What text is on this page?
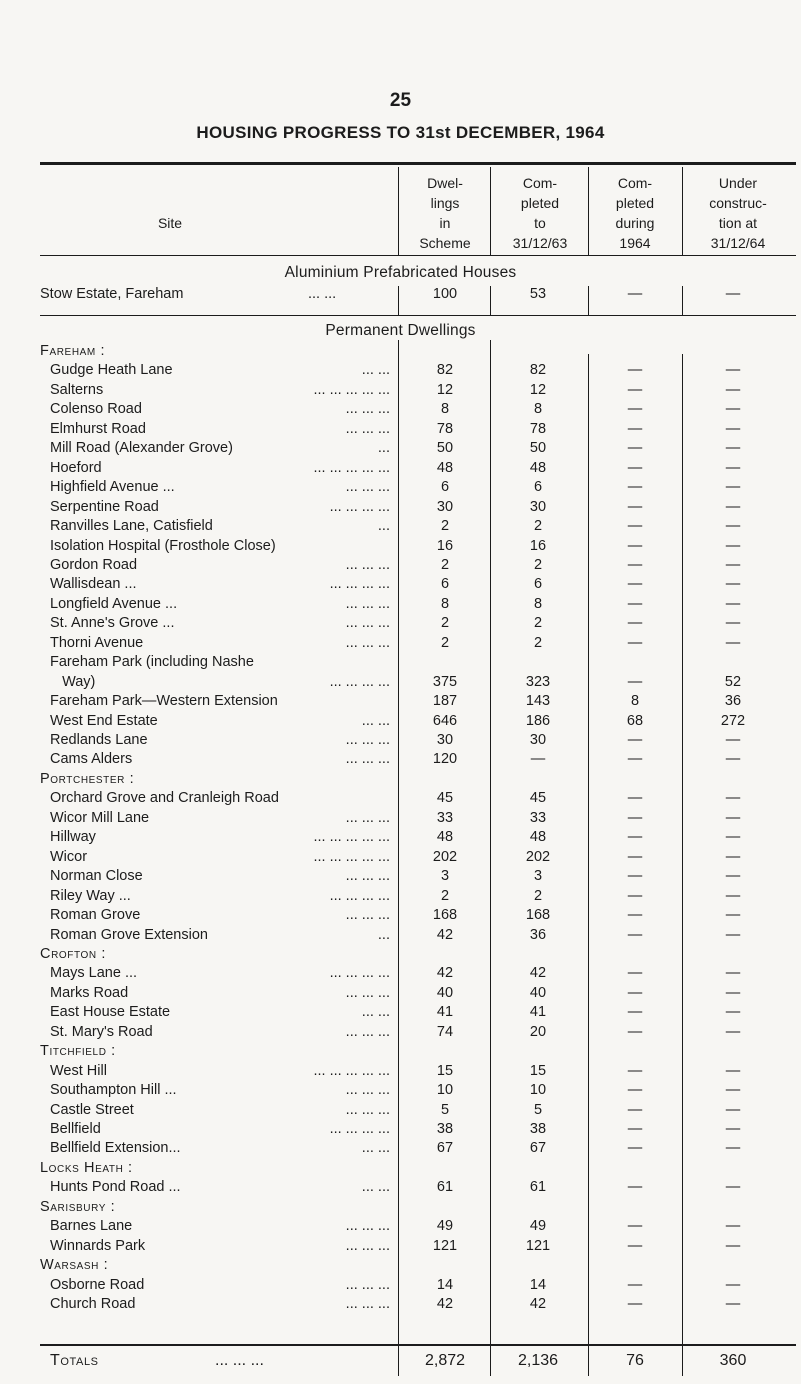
25
HOUSING PROGRESS TO 31st DECEMBER, 1964
Site
Dwel-
lings
in
Scheme
Com-
pleted
to
31/12/63
Com-
pleted
during
1964
Under
construc-
tion at
31/12/64
Aluminium Prefabricated Houses
Stow Estate, Fareham	... ...	100	53	—	—
Permanent Dwellings
Fareham :
Gudge Heath Lane	... ...	82	82	—	—
Salterns	... ... ... ... ...	12	12	—	—
Colenso Road	... ... ...	8	8	—	—
Elmhurst Road	... ... ...	78	78	—	—
Mill Road (Alexander Grove)	...	50	50	—	—
Hoeford	... ... ... ... ...	48	48	—	—
Highfield Avenue ...	... ... ...	6	6	—	—
Serpentine Road	... ... ... ...	30	30	—	—
Ranvilles Lane, Catisfield	...	2	2	—	—
Isolation Hospital (Frosthole Close)	16	16	—	—
Gordon Road	... ... ...	2	2	—	—
Wallisdean ...	... ... ... ...	6	6	—	—
Longfield Avenue ...	... ... ...	8	8	—	—
St. Anne's Grove ...	... ... ...	2	2	—	—
Thorni Avenue	... ... ...	2	2	—	—
Fareham Park (including Nashe
Way)	... ... ... ...	375	323	—	52
Fareham Park—Western Extension	187	143	8	36
West End Estate	... ...	646	186	68	272
Redlands Lane	... ... ...	30	30	—	—
Cams Alders	... ... ...	120	—	—	—
Portchester :
Orchard Grove and Cranleigh Road	45	45	—	—
Wicor Mill Lane	... ... ...	33	33	—	—
Hillway	... ... ... ... ...	48	48	—	—
Wicor	... ... ... ... ...	202	202	—	—
Norman Close	... ... ...	3	3	—	—
Riley Way ...	... ... ... ...	2	2	—	—
Roman Grove	... ... ...	168	168	—	—
Roman Grove Extension	...	42	36	—	—
Crofton :
Mays Lane ...	... ... ... ...	42	42	—	—
Marks Road	... ... ...	40	40	—	—
East House Estate	... ...	41	41	—	—
St. Mary's Road	... ... ...	74	20	—	—
Titchfield :
West Hill	... ... ... ... ...	15	15	—	—
Southampton Hill ...	... ... ...	10	10	—	—
Castle Street	... ... ...	5	5	—	—
Bellfield	... ... ... ...	38	38	—	—
Bellfield Extension...	... ...	67	67	—	—
Locks Heath :
Hunts Pond Road ...	... ...	61	61	—	—
Sarisbury :
Barnes Lane	... ... ...	49	49	—	—
Winnards Park	... ... ...	121	121	—	—
Warsash :
Osborne Road	... ... ...	14	14	—	—
Church Road	... ... ...	42	42	—	—
Totals	... ... ...	2,872	2,136	76	360
